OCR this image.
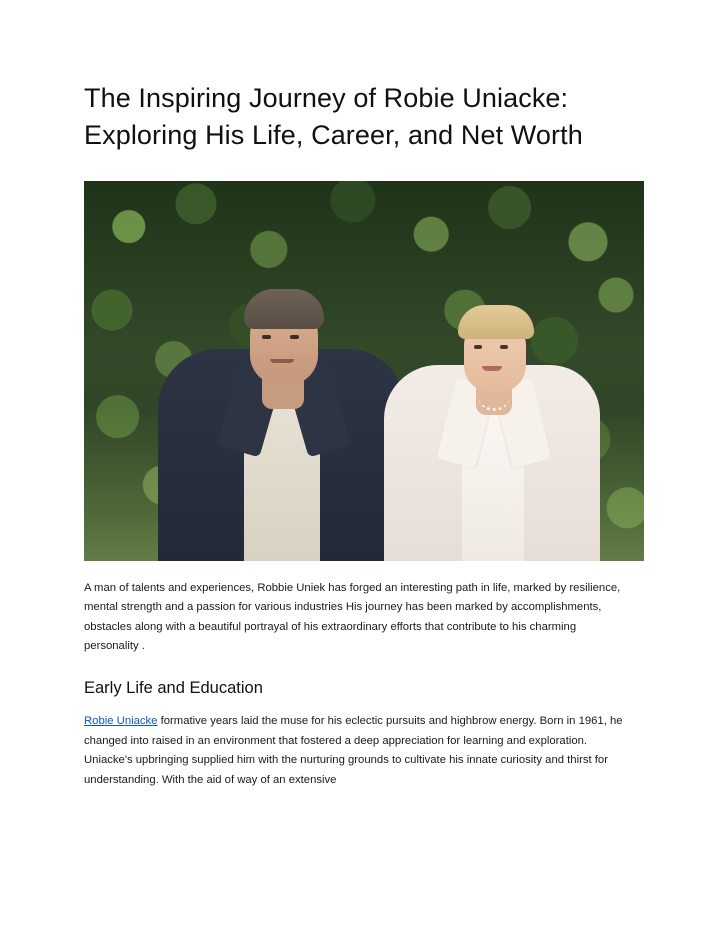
The Inspiring Journey of Robie Uniacke: Exploring His Life, Career, and Net Worth

A man of talents and experiences, Robbie Uniek has forged an interesting path in life, marked by resilience, mental strength and a passion for various industries His journey has been marked by accomplishments, obstacles along with a beautiful portrayal of his extraordinary efforts that contribute to his charming personality .

Early Life and Education

Robie Uniacke formative years laid the muse for his eclectic pursuits and highbrow energy. Born in 1961, he changed into raised in an environment that fostered a deep appreciation for learning and exploration. Uniacke's upbringing supplied him with the nurturing grounds to cultivate his innate curiosity and thirst for understanding. With the aid of way of an extensive
